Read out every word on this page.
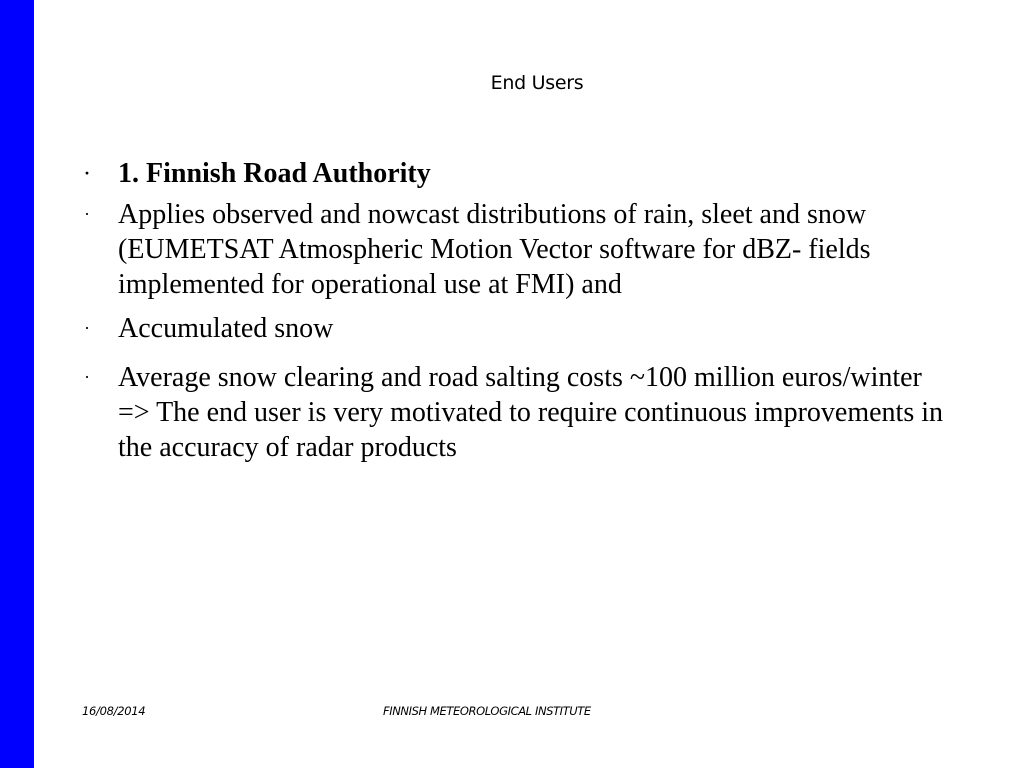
End Users
· 1. Finnish Road Authority
· Applies observed and nowcast distributions of rain, sleet and snow (EUMETSAT Atmospheric Motion Vector software for dBZ- fields implemented for operational use at FMI) and
· Accumulated snow
· Average snow clearing and road salting costs ~100 million euros/winter => The end user is very motivated to require continuous improvements in the accuracy of radar products
16/08/2014	FINNISH METEOROLOGICAL INSTITUTE
